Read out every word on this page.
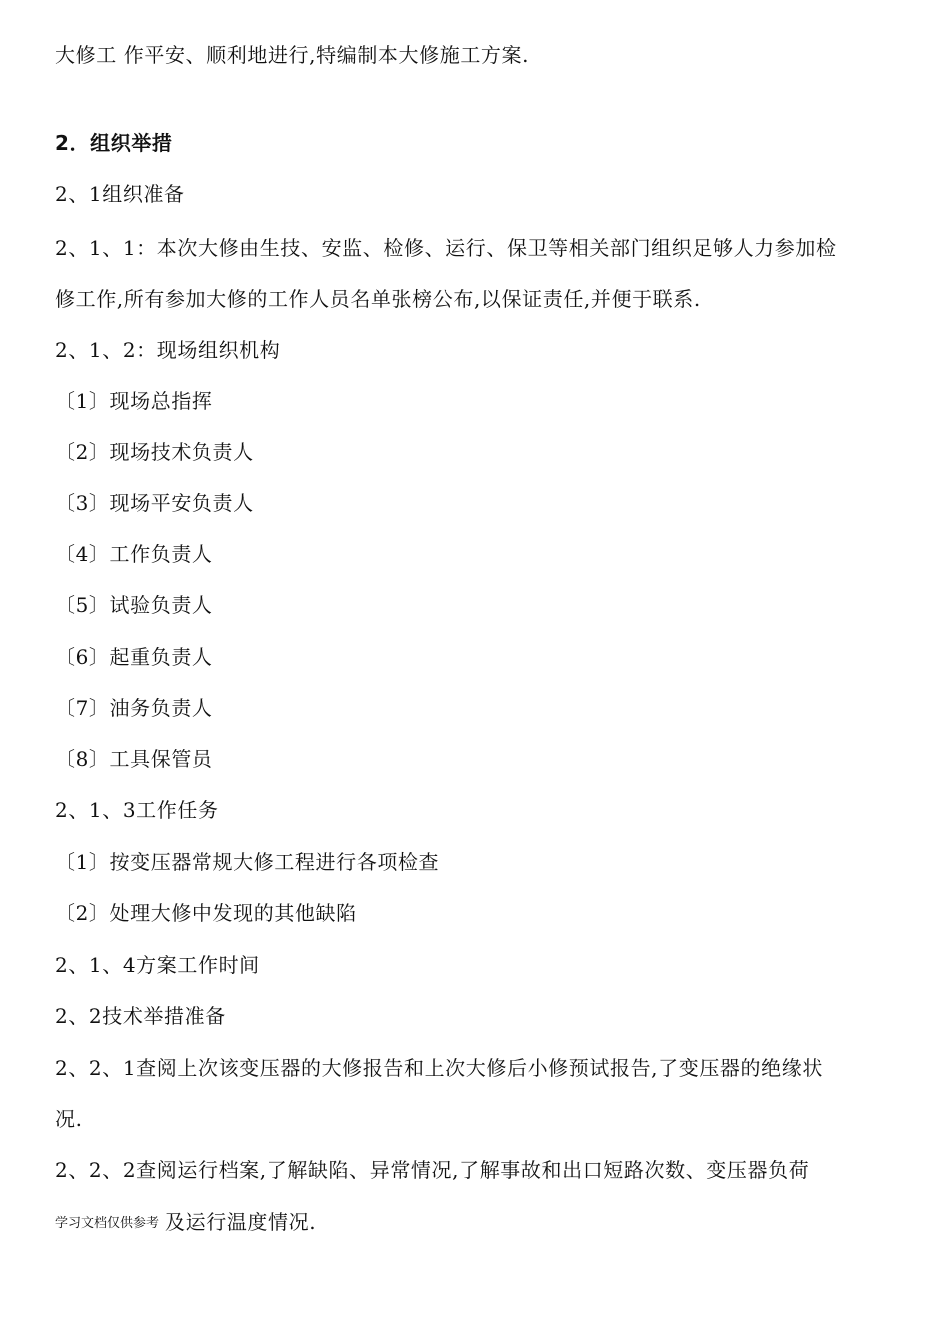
大修工 作平安、顺利地进行,特编制本大修施工方案.

2．组织举措

2、1组织准备

2、1、1：本次大修由生技、安监、检修、运行、保卫等相关部门组织足够人力参加检

修工作,所有参加大修的工作人员名单张榜公布,以保证责任,并便于联系.

2、1、2：现场组织机构

〔1〕现场总指挥

〔2〕现场技术负责人

〔3〕现场平安负责人

〔4〕工作负责人

〔5〕试验负责人

〔6〕起重负责人

〔7〕油务负责人

〔8〕工具保管员

2、1、3工作任务

〔1〕按变压器常规大修工程进行各项检查

〔2〕处理大修中发现的其他缺陷

2、1、4方案工作时间

2、2技术举措准备

2、2、1查阅上次该变压器的大修报告和上次大修后小修预试报告,了变压器的绝缘状

况.

2、2、2查阅运行档案,了解缺陷、异常情况,了解事故和出口短路次数、变压器负荷

学习文档仅供参考 及运行温度情况.
